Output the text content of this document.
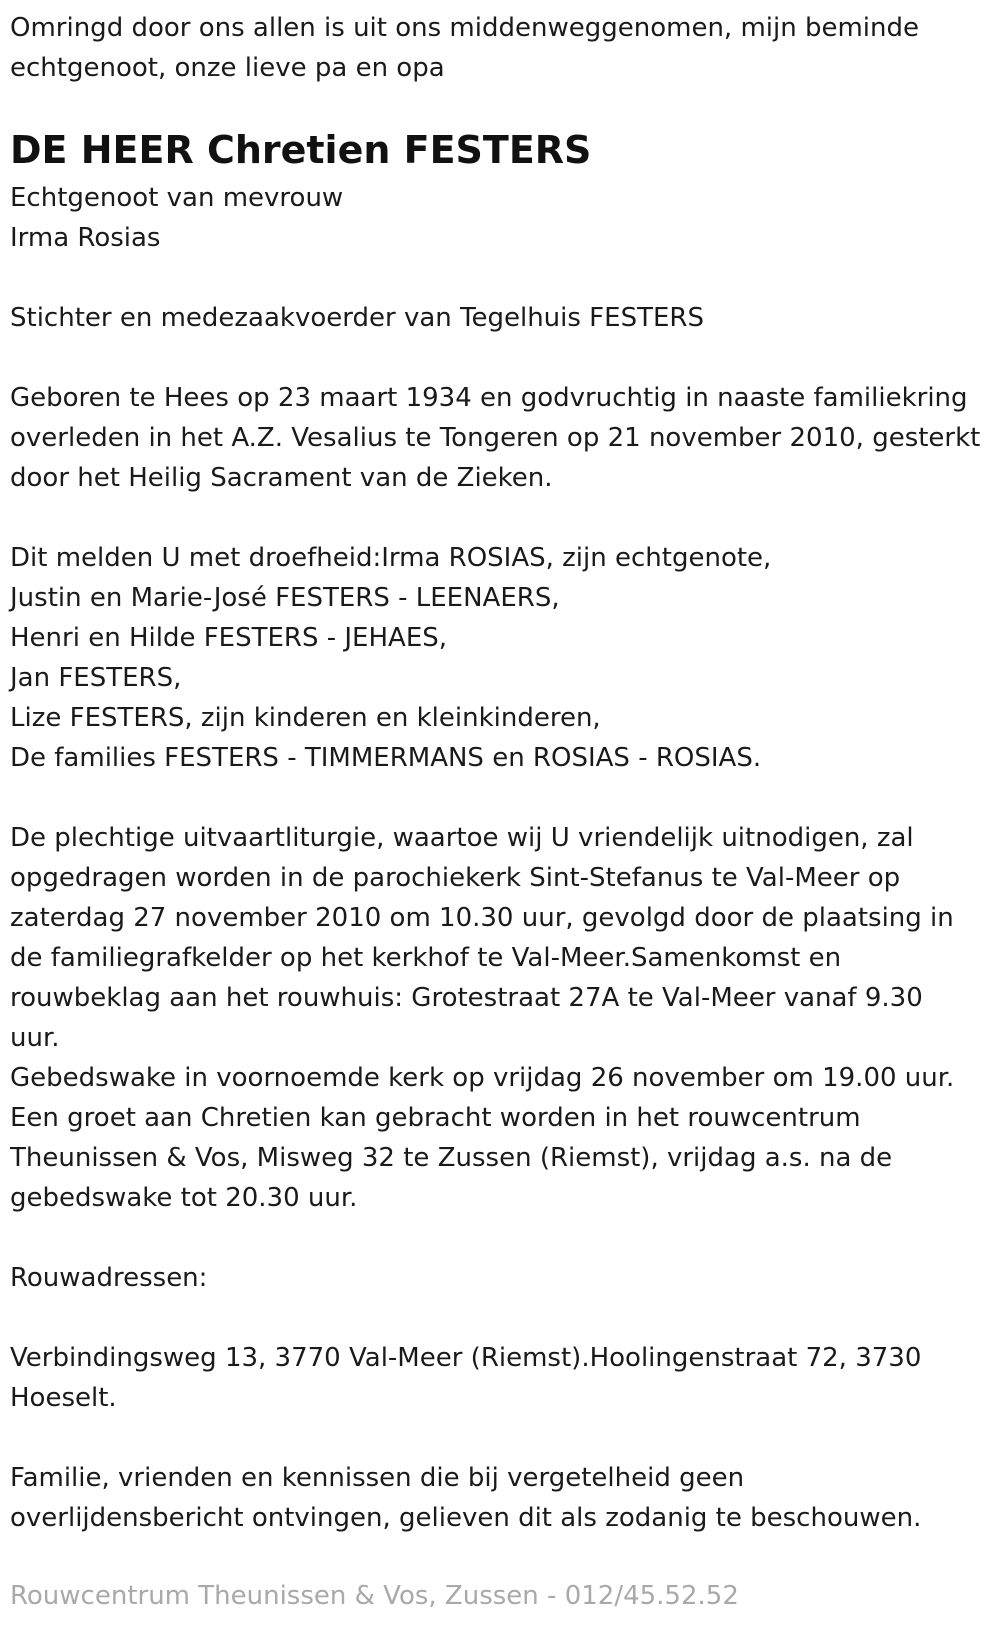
Omringd door ons allen is uit ons middenweggenomen, mijn beminde

echtgenoot, onze lieve pa en opa

DE HEER Chretien FESTERS

Echtgenoot van mevrouw

Irma Rosias

Stichter en medezaakvoerder van Tegelhuis FESTERS

Geboren te Hees op 23 maart 1934 en godvruchtig in naaste familiekring

overleden in het A.Z. Vesalius te Tongeren op 21 november 2010, gesterkt

door het Heilig Sacrament van de Zieken.

Dit melden U met droefheid:Irma ROSIAS, zijn echtgenote,

Justin en Marie-José FESTERS - LEENAERS,

Henri en Hilde FESTERS - JEHAES,

Jan FESTERS,

Lize FESTERS, zijn kinderen en kleinkinderen,

De families FESTERS - TIMMERMANS en ROSIAS - ROSIAS.

De plechtige uitvaartliturgie, waartoe wij U vriendelijk uitnodigen, zal

opgedragen worden in de parochiekerk Sint-Stefanus te Val-Meer op

zaterdag 27 november 2010 om 10.30 uur, gevolgd door de plaatsing in

de familiegrafkelder op het kerkhof te Val-Meer.Samenkomst en

rouwbeklag aan het rouwhuis: Grotestraat 27A te Val-Meer vanaf 9.30

uur.

Gebedswake in voornoemde kerk op vrijdag 26 november om 19.00 uur.

Een groet aan Chretien kan gebracht worden in het rouwcentrum

Theunissen & Vos, Misweg 32 te Zussen (Riemst), vrijdag a.s. na de

gebedswake tot 20.30 uur.

Rouwadressen:

Verbindingsweg 13, 3770 Val-Meer (Riemst).Hoolingenstraat 72, 3730

Hoeselt.

Familie, vrienden en kennissen die bij vergetelheid geen

overlijdensbericht ontvingen, gelieven dit als zodanig te beschouwen.

Rouwcentrum Theunissen & Vos, Zussen - 012/45.52.52
